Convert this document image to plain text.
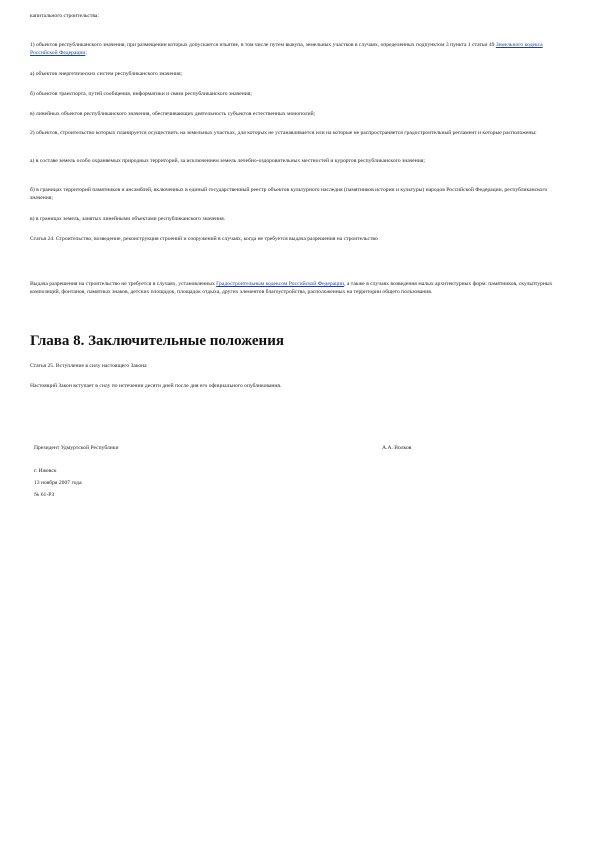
капитального строительства:

1) объектов республиканского значения, при размещении которых допускается изъятие, в том числе путем выкупа, земельных участков в случаях, определенных подпунктом 3 пункта 1 статьи 49 Земельного кодекса Российской Федерации:

а) объектов энергетических систем республиканского значения;

б) объектов транспорта, путей сообщения, информатики и связи республиканского значения;

в) линейных объектов республиканского значения, обеспечивающих деятельность субъектов естественных монополий;

2) объектов, строительство которых планируется осуществить на земельных участках, для которых не устанавливается или на которые не распространяется градостроительный регламент и которые расположены:

а) в составе земель особо охраняемых природных территорий, за исключением земель лечебно-оздоровительных местностей и курортов республиканского значения;

б) в границах территорий памятников и ансамблей, включенных в единый государственный реестр объектов культурного наследия (памятников истории и культуры) народов Российской Федерации, республиканского значения;

в) в границах земель, занятых линейными объектами республиканского значения.

Статья 24. Строительство, возведение, реконструкция строений и сооружений в случаях, когда не требуется выдача разрешения на строительство

Выдача разрешения на строительство не требуется в случаях, установленных Градостроительным кодексом Российской Федерации, а также в случаях возведения малых архитектурных форм: памятников, скульптурных композиций, фонтанов, памятных знаков, детских площадок, площадок отдыха, других элементов благоустройства, расположенных на территории общего пользования.

Глава 8. Заключительные положения

Статья 25. Вступление в силу настоящего Закона

Настоящий Закон вступает в силу по истечении десяти дней после дня его официального опубликования.

Президент Удмуртской Республики	А.А. Волков
г. Ижевск
13 ноября 2007 года
№ 61-РЗ
